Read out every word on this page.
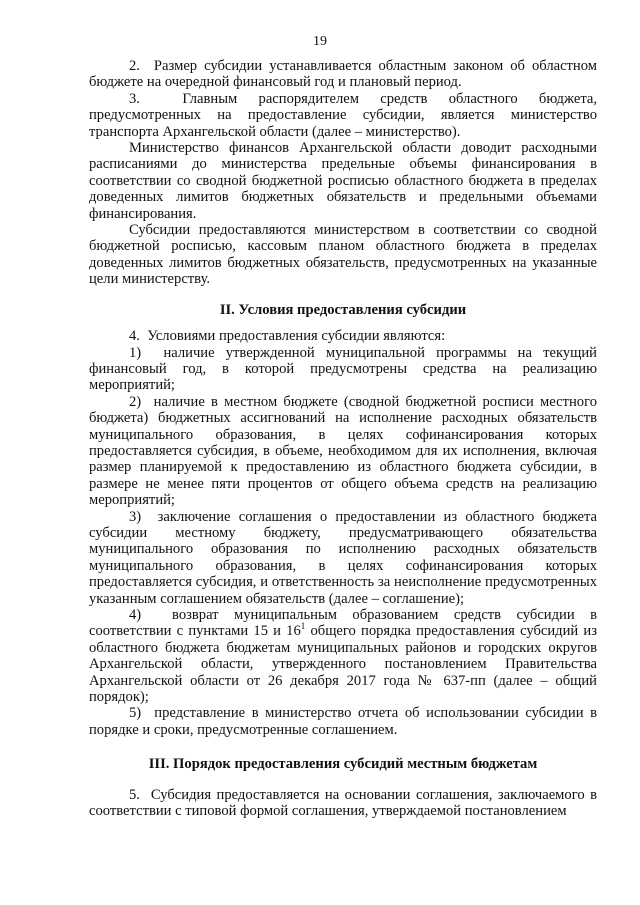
19

2.  Размер субсидии устанавливается областным законом об областном бюджете на очередной финансовый год и плановый период.

3.  Главным распорядителем средств областного бюджета, предусмотренных на предоставление субсидии, является министерство транспорта Архангельской области (далее – министерство).

Министерство финансов Архангельской области доводит расходными расписаниями до министерства предельные объемы финансирования в соответствии со сводной бюджетной росписью областного бюджета в пределах доведенных лимитов бюджетных обязательств и предельными объемами финансирования.

Субсидии предоставляются министерством в соответствии со сводной бюджетной росписью, кассовым планом областного бюджета в пределах доведенных лимитов бюджетных обязательств, предусмотренных на указанные цели министерству.

II. Условия предоставления субсидии

4.  Условиями предоставления субсидии являются:

1)  наличие утвержденной муниципальной программы на текущий финансовый год, в которой предусмотрены средства на реализацию мероприятий;

2)  наличие в местном бюджете (сводной бюджетной росписи местного бюджета) бюджетных ассигнований на исполнение расходных обязательств муниципального образования, в целях софинансирования которых предоставляется субсидия, в объеме, необходимом для их исполнения, включая размер планируемой к предоставлению из областного бюджета субсидии, в размере не менее пяти процентов от общего объема средств на реализацию мероприятий;

3)  заключение соглашения о предоставлении из областного бюджета субсидии местному бюджету, предусматривающего обязательства муниципального образования по исполнению расходных обязательств муниципального образования, в целях софинансирования которых предоставляется субсидия, и ответственность за неисполнение предусмотренных указанным соглашением обязательств (далее – соглашение);

4)  возврат муниципальным образованием средств субсидии в соответствии с пунктами 15 и $16^1$ общего порядка предоставления субсидий из областного бюджета бюджетам муниципальных районов и городских округов Архангельской области, утвержденного постановлением Правительства Архангельской области от 26 декабря 2017 года № 637-пп (далее – общий порядок);

5)  представление в министерство отчета об использовании субсидии в порядке и сроки, предусмотренные соглашением.

III. Порядок предоставления субсидий местным бюджетам

5.  Субсидия предоставляется на основании соглашения, заключаемого в соответствии с типовой формой соглашения, утверждаемой постановлением
